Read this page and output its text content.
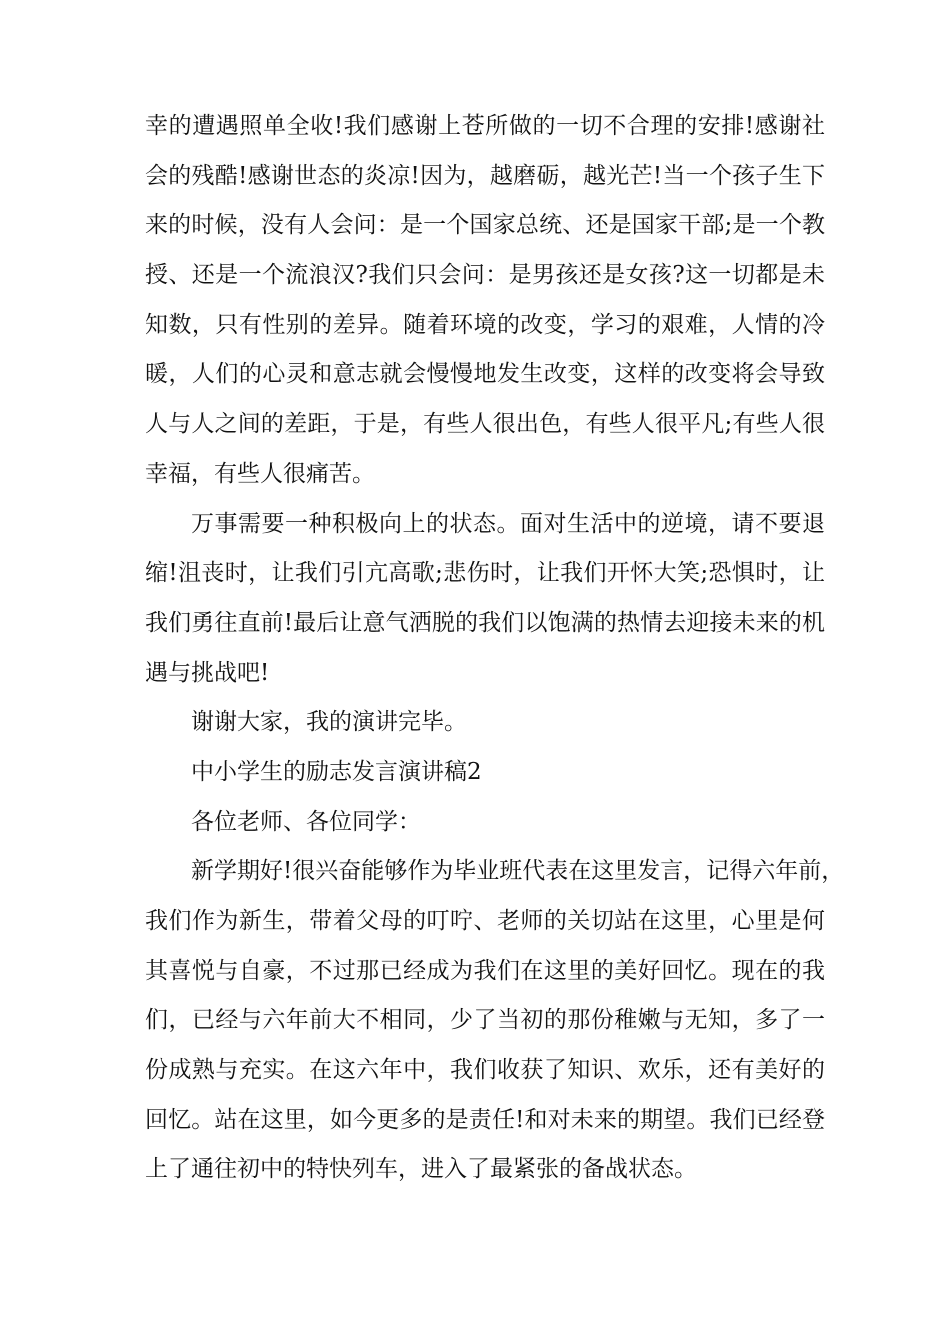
幸的遭遇照单全收!我们感谢上苍所做的一切不合理的安排!感谢社
会的残酷!感谢世态的炎凉!因为，越磨砺，越光芒!当一个孩子生下
来的时候，没有人会问：是一个国家总统、还是国家干部;是一个教
授、还是一个流浪汉?我们只会问：是男孩还是女孩?这一切都是未
知数，只有性别的差异。随着环境的改变，学习的艰难，人情的冷
暖，人们的心灵和意志就会慢慢地发生改变，这样的改变将会导致
人与人之间的差距，于是，有些人很出色，有些人很平凡;有些人很
幸福，有些人很痛苦。
万事需要一种积极向上的状态。面对生活中的逆境，请不要退
缩!沮丧时，让我们引亢高歌;悲伤时，让我们开怀大笑;恐惧时，让
我们勇往直前!最后让意气洒脱的我们以饱满的热情去迎接未来的机
遇与挑战吧!
谢谢大家，我的演讲完毕。
中小学生的励志发言演讲稿2
各位老师、各位同学：
新学期好!很兴奋能够作为毕业班代表在这里发言，记得六年前，
我们作为新生，带着父母的叮咛、老师的关切站在这里，心里是何
其喜悦与自豪，不过那已经成为我们在这里的美好回忆。现在的我
们，已经与六年前大不相同，少了当初的那份稚嫩与无知，多了一
份成熟与充实。在这六年中，我们收获了知识、欢乐，还有美好的
回忆。站在这里，如今更多的是责任!和对未来的期望。我们已经登
上了通往初中的特快列车，进入了最紧张的备战状态。
